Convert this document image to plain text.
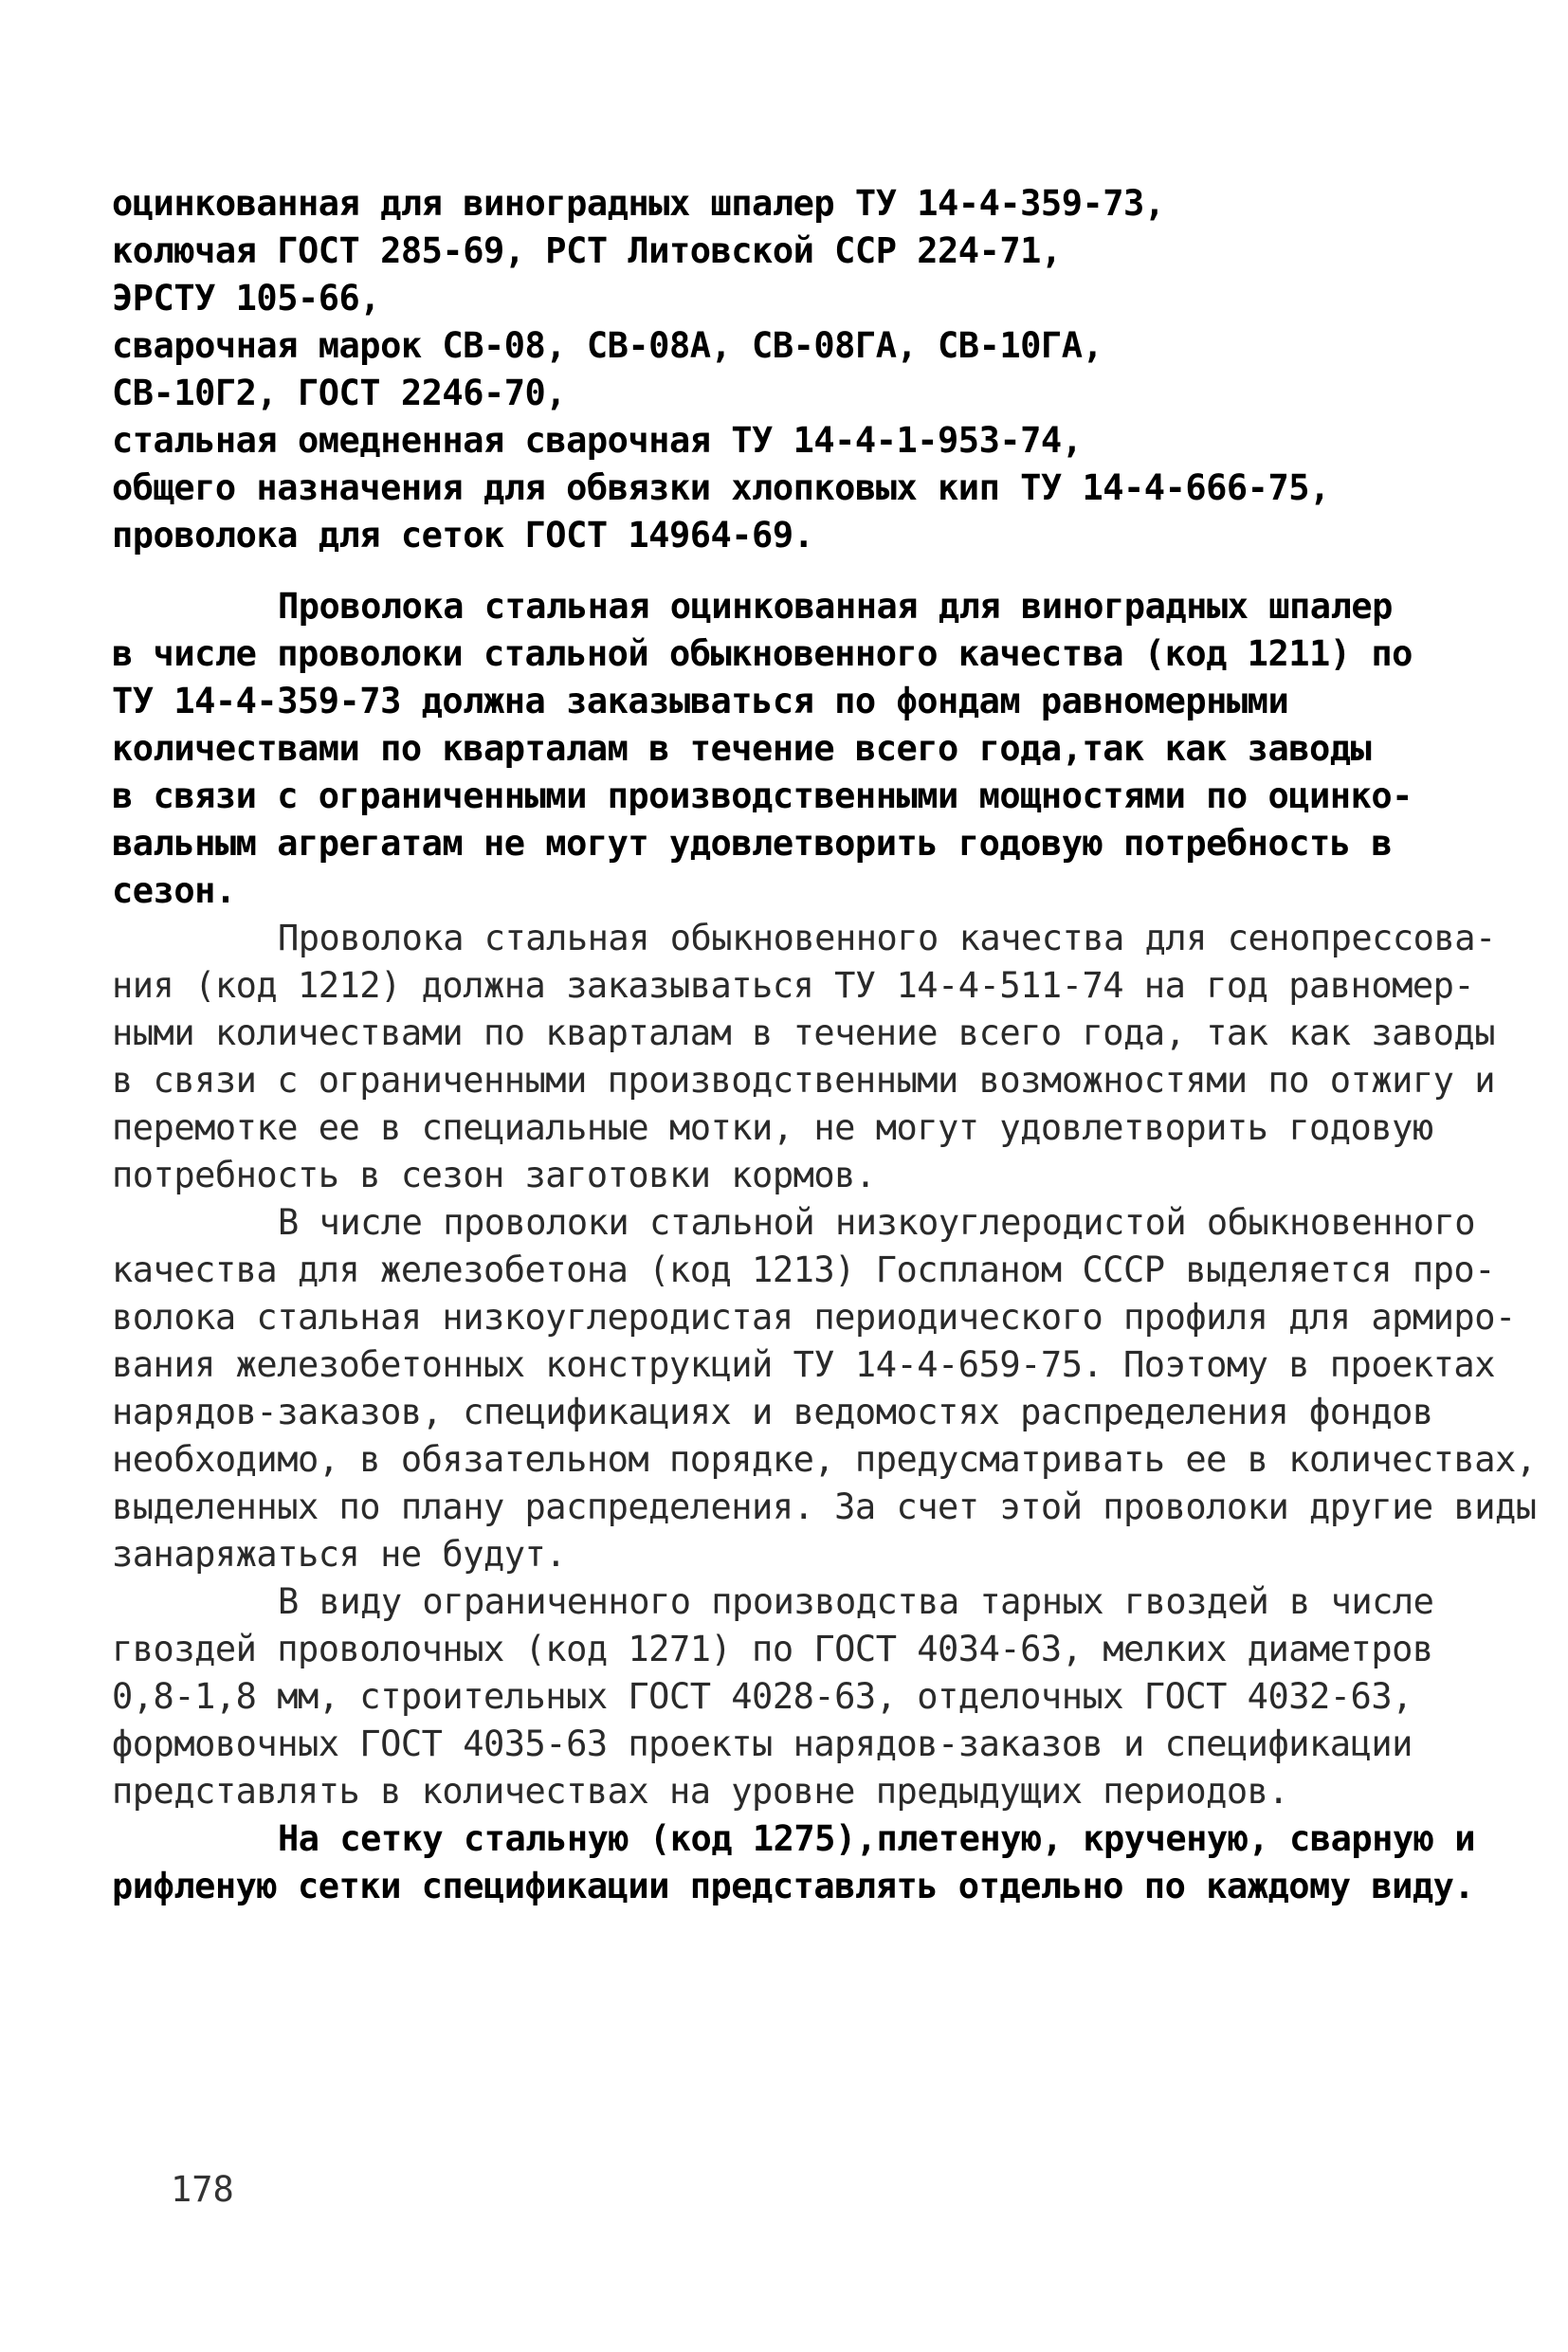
оцинкованная для виноградных шпалер ТУ 14-4-359-73,
колючая ГОСТ 285-69, РСТ Литовской ССР 224-71,
ЭРСТУ 105-66,
сварочная марок СВ-08, СВ-08А, СВ-08ГА, СВ-10ГА,
СВ-10Г2, ГОСТ 2246-70,
стальная омедненная сварочная ТУ 14-4-1-953-74,
общего назначения для обвязки хлопковых кип ТУ 14-4-666-75,
проволока для сеток ГОСТ 14964-69.
Проволока стальная оцинкованная для виноградных шпалер
в числе проволоки стальной обыкновенного качества (код 1211) по
ТУ 14-4-359-73 должна заказываться по фондам равномерными
количествами по кварталам в течение всего года,так как заводы
в связи с ограниченными производственными мощностями по оцинко-
вальным агрегатам не могут удовлетворить годовую потребность в
сезон.
Проволока стальная обыкновенного качества для сенопрессова-
ния (код 1212) должна заказываться ТУ 14-4-511-74 на год равномер-
ными количествами по кварталам в течение всего года, так как заводы
в связи с ограниченными производственными возможностями по отжигу и
перемотке ее в специальные мотки, не могут удовлетворить годовую
потребность в сезон заготовки кормов.
В числе проволоки стальной низкоуглеродистой обыкновенного
качества для железобетона (код 1213) Госпланом СССР выделяется про-
волока стальная низкоуглеродистая периодического профиля для армиро-
вания железобетонных конструкций ТУ 14-4-659-75. Поэтому в проектах
нарядов-заказов, спецификациях и ведомостях распределения фондов
необходимо, в обязательном порядке, предусматривать ее в количествах,
выделенных по плану распределения. За счет этой проволоки другие виды
занаряжаться не будут.
В виду ограниченного производства тарных гвоздей в числе
гвоздей проволочных (код 1271) по ГОСТ 4034-63, мелких диаметров
0,8-1,8 мм, строительных ГОСТ 4028-63, отделочных ГОСТ 4032-63,
формовочных ГОСТ 4035-63 проекты нарядов-заказов и спецификации
представлять в количествах на уровне предыдущих периодов.
На сетку стальную (код 1275),плетеную, крученую, сварную и
рифленую сетки спецификации представлять отдельно по каждому виду.
178
